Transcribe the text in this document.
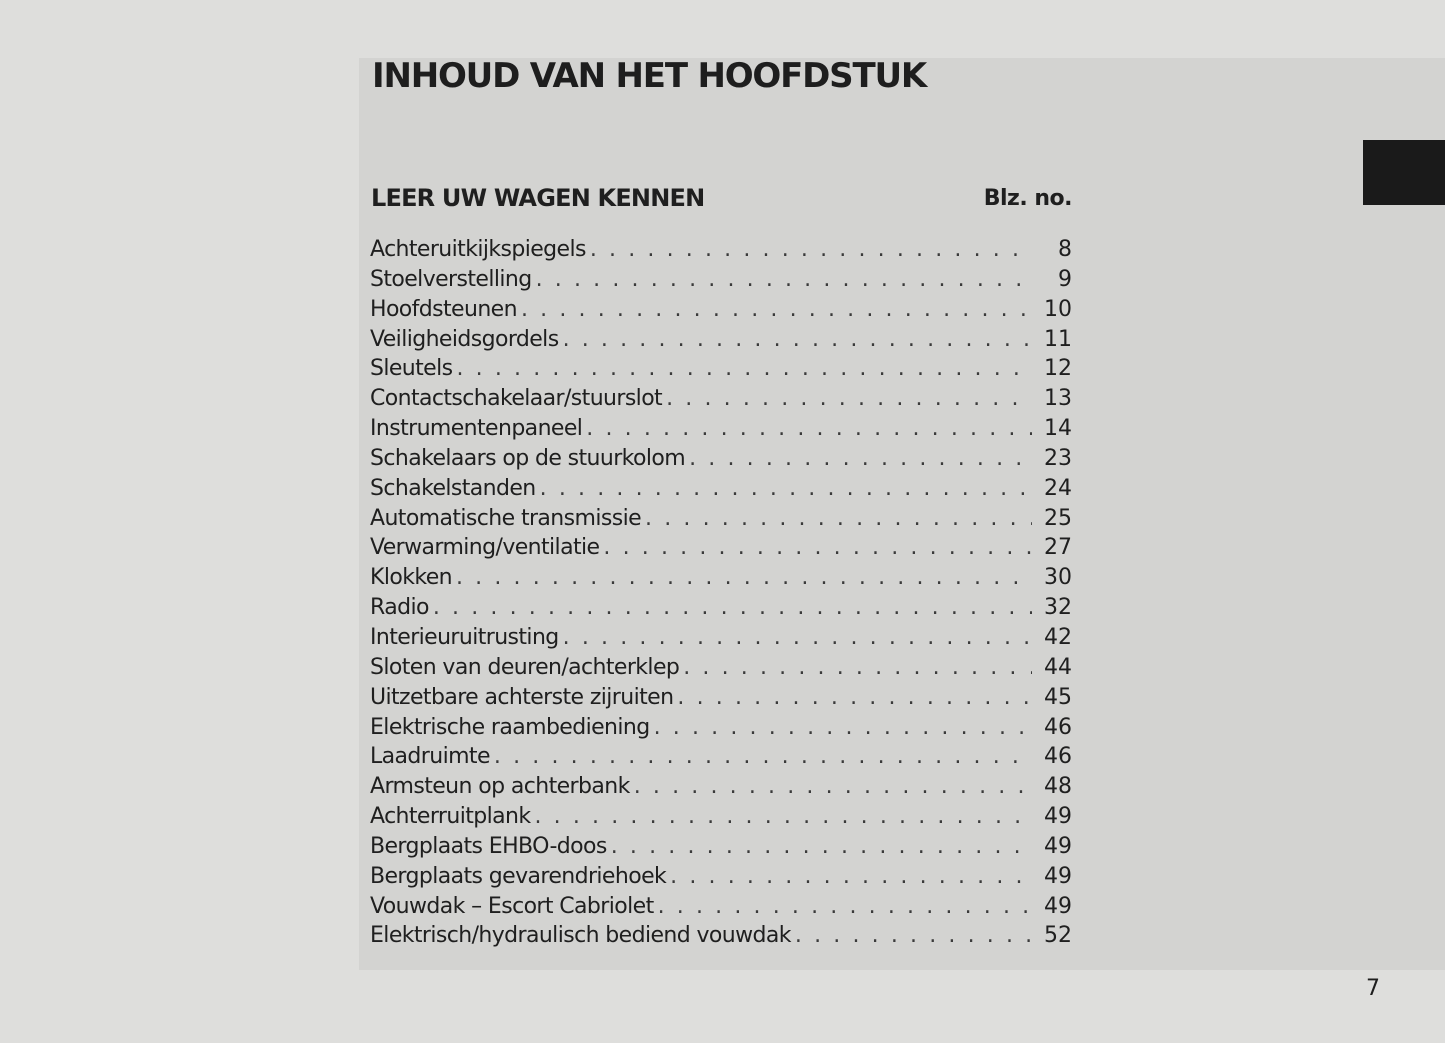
INHOUD VAN HET HOOFDSTUK
LEER UW WAGEN KENNEN	Blz. no.
Achteruitkijkspiegels . . .	8
Stoelverstelling . . .	9
Hoofdsteunen . . .	10
Veiligheidsgordels . . .	11
Sleutels . . .	12
Contactschakelaar/stuurslot . . .	13
Instrumentenpaneel . . .	14
Schakelaars op de stuurkolom . . .	23
Schakelstanden . . .	24
Automatische transmissie . . .	25
Verwarming/ventilatie . . .	27
Klokken . . .	30
Radio . . .	32
Interieuruitrusting . . .	42
Sloten van deuren/achterklep . . .	44
Uitzetbare achterste zijruiten . . .	45
Elektrische raambediening . . .	46
Laadruimte . . .	46
Armsteun op achterbank . . .	48
Achterruitplank . . .	49
Bergplaats EHBO-doos . . .	49
Bergplaats gevarendriehoek . . .	49
Vouwdak – Escort Cabriolet . . .	49
Elektrisch/hydraulisch bediend vouwdak . . .	52
7
